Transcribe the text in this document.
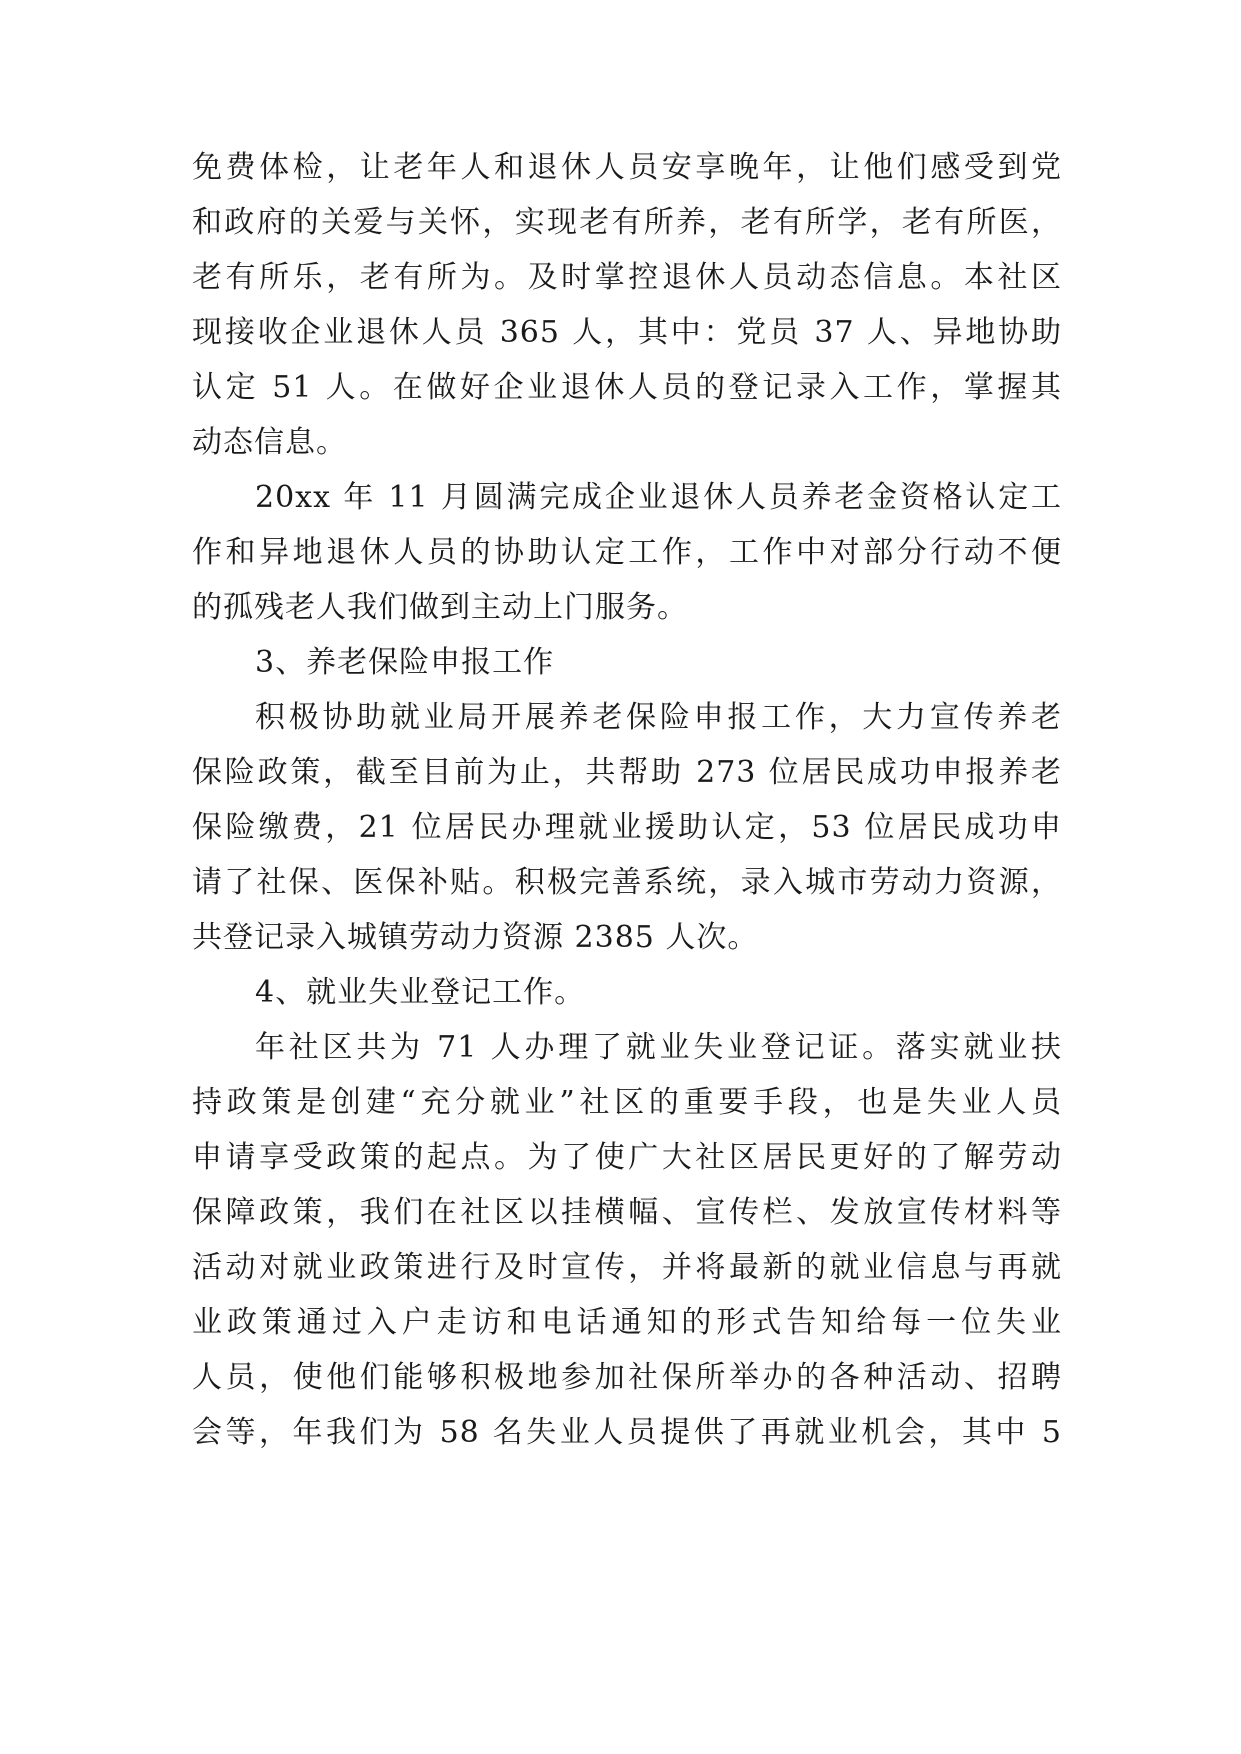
免费体检，让老年人和退休人员安享晚年，让他们感受到党

和政府的关爱与关怀，实现老有所养，老有所学，老有所医，

老有所乐，老有所为。及时掌控退休人员动态信息。本社区

现接收企业退休人员 365 人，其中：党员 37 人、异地协助

认定 51 人。在做好企业退休人员的登记录入工作，掌握其

动态信息。

20xx 年 11 月圆满完成企业退休人员养老金资格认定工

作和异地退休人员的协助认定工作，工作中对部分行动不便

的孤残老人我们做到主动上门服务。

3、养老保险申报工作

积极协助就业局开展养老保险申报工作，大力宣传养老

保险政策，截至目前为止，共帮助 273 位居民成功申报养老

保险缴费，21 位居民办理就业援助认定，53 位居民成功申

请了社保、医保补贴。积极完善系统，录入城市劳动力资源，

共登记录入城镇劳动力资源 2385 人次。

4、就业失业登记工作。

年社区共为 71 人办理了就业失业登记证。落实就业扶

持政策是创建“充分就业”社区的重要手段，也是失业人员

申请享受政策的起点。为了使广大社区居民更好的了解劳动

保障政策，我们在社区以挂横幅、宣传栏、发放宣传材料等

活动对就业政策进行及时宣传，并将最新的就业信息与再就

业政策通过入户走访和电话通知的形式告知给每一位失业

人员，使他们能够积极地参加社保所举办的各种活动、招聘

会等，年我们为 58 名失业人员提供了再就业机会，其中 5
